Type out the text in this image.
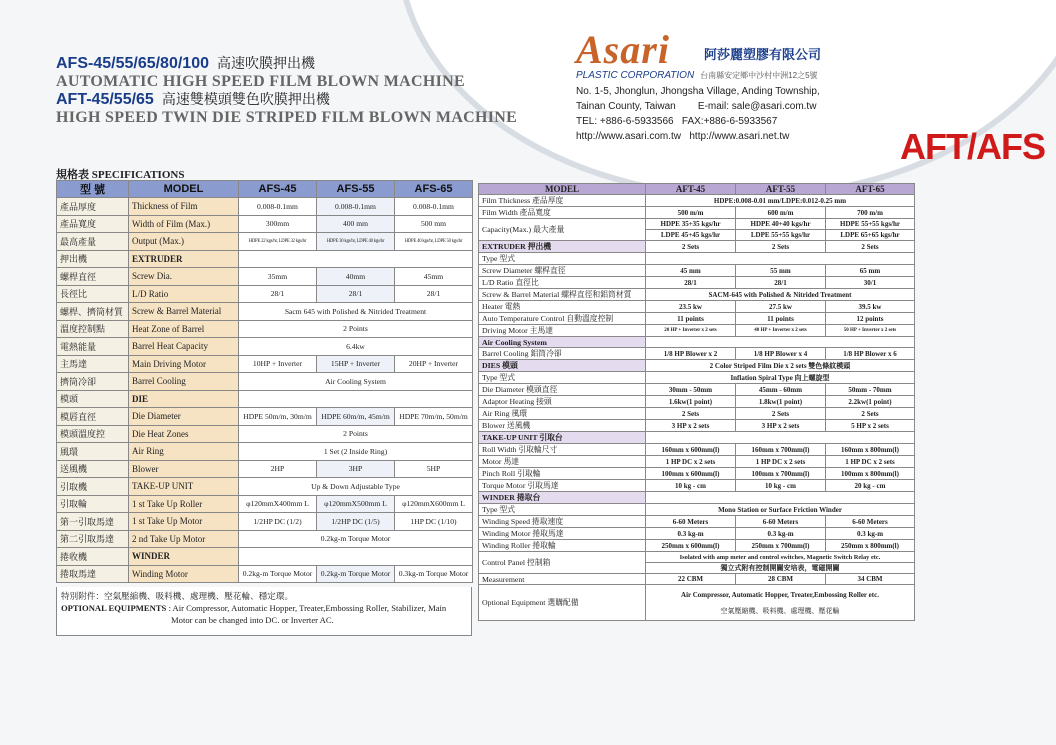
AFS-45/55/65/80/100 高速吹膜押出機
AUTOMATIC HIGH SPEED FILM BLOWN MACHINE
AFT-45/55/65 高速雙模頭雙色吹膜押出機
HIGH SPEED TWIN DIE STRIPED FILM BLOWN MACHINE
Asari	阿莎麗塑膠有限公司
PLASTIC CORPORATION 台南縣安定鄉中沙村中洲12之5號
No. 1-5, Jhonglun, Jhongsha Village, Anding Township,
Tainan County, Taiwan        E-mail: sale@asari.com.tw
TEL: +886-6-5933566   FAX:+886-6-5933567
http://www.asari.com.tw   http://www.asari.net.tw	AFT/AFS
規格表 SPECIFICATIONS
型 號	MODEL	AFS-45	AFS-55	AFS-65
產品厚度	Thickness of Film	0.008-0.1mm	0.008-0.1mm	0.008-0.1mm
產品寬度	Width of Film (Max.)	300mm	400 mm	500 mm
最高產量	Output (Max.)	HDPE 22 kgs/hr, LDPE 32 kgs/hr	HDPE 30 kgs/hr, LDPE 40 kgs/hr	HDPE 40 kgs/hr, LDPE 50 kgs/hr
押出機	EXTRUDER			
螺桿直徑	Screw Dia.	35mm	40mm	45mm
長徑比	L/D Ratio	28/1	28/1	28/1
螺桿、擠筒材質	Screw & Barrel Material	Sacm 645 with Polished & Nitrided Treatment		
溫度控制點	Heat Zone of Barrel	2 Points		
電熱能量	Barrel Heat Capacity	6.4kw		
主馬達	Main Driving Motor	10HP + Inverter	15HP + Inverter	20HP + Inverter
擠筒冷卻	Barrel Cooling	Air Cooling System		
模頭	DIE			
模唇直徑	Die Diameter	HDPE 50m/m, 30m/m	HDPE 60m/m, 45m/m	HDPE 70m/m, 50m/m
模頭溫度控	Die Heat Zones	2 Points		
風環	Air Ring	1 Set (2 Inside Ring)		
送風機	Blower	2HP	3HP	5HP
引取機	TAKE-UP UNIT	Up & Down Adjustable Type		
引取輪	1 st Take Up Roller	φ120mmX400mm L	φ120mmX500mm L	φ120mmX600mm L
第一引取馬達	1 st Take Up Motor	1/2HP DC (1/2)	1/2HP DC (1/5)	1HP DC (1/10)
第二引取馬達	2 nd Take Up Motor	0.2kg-m Torque Motor		
捲收機	WINDER			
捲取馬達	Winding Motor	0.2kg-m Torque Motor	0.2kg-m Torque Motor	0.3kg-m Torque Motor
特別附件：空氣壓縮機、吸料機、處理機、壓花輪、穩定環。
OPTIONAL EQUIPMENTS : Air Compressor, Automatic Hopper, Treater,Embossing Roller, Stabilizer, Main
Motor can be changed into DC. or Inverter AC.
MODEL	AFT-45	AFT-55	AFT-65
Film Thickness 產品厚度	HDPE:0.008-0.01 mm/LDPE:0.012-0.25 mm		
Film Width 產品寬度	500 m/m	600 m/m	700 m/m
Capacity(Max.) 最大產量	HDPE 35+35 kgs/hr	HDPE 40+40 kgs/hr	HDPE 55+55 kgs/hr
	LDPE 45+45 kgs/hr	LDPE 55+55 kgs/hr	LDPE 65+65 kgs/hr
EXTRUDER 押出機	2 Sets	2 Sets	2 Sets
Type 型式			
Screw Diameter 螺桿直徑	45 mm	55 mm	65 mm
L/D Ratio 直徑比	28/1	28/1	30/1
Screw & Barrel Material 螺桿直徑和鋁筒材質	SACM-645 with Polished & Nitrided Treatment		
Heater 電熱	23.5 kw	27.5 kw	39.5 kw
Auto Temperature Control 自動溫度控制	11 points	11 points	12 points
Driving Motor 主馬達	20 HP + Inverter x 2 sets	40 HP + Inverter x 2 sets	50 HP + Inverter x 2 sets
Air Cooling System			
Barrel Cooling 鋁筒冷卻	1/8 HP Blower x 2	1/8 HP Blower x 4	1/8 HP Blower x 6
DIES 模頭	2 Color Striped Film Die x 2 sets 雙色條紋模頭		
Type 型式	Inflation Spiral Type 向上螺旋型		
Die Diameter 模頭直徑	30mm - 50mm	45mm - 60mm	50mm - 70mm
Adaptor Heating 接頭	1.6kw(1 point)	1.8kw(1 point)	2.2kw(1 point)
Air Ring 風環	2 Sets	2 Sets	2 Sets
Blower 送風機	3 HP x 2 sets	3 HP x 2 sets	5 HP x 2 sets
TAKE-UP UNIT 引取台			
Roll Width 引取輪尺寸	160mm x 600mm(l)	160mm x 700mm(l)	160mm x 800mm(l)
Motor 馬達	1 HP DC x 2 sets	1 HP DC x 2 sets	1 HP DC x 2 sets
Pinch Roll 引取輪	100mm x 600mm(l)	100mm x 700mm(l)	100mm x 800mm(l)
Torque Motor 引取馬達	10 kg - cm	10 kg - cm	20 kg - cm
WINDER 捲取台			
Type 型式	Mono Station or Surface Friction Winder		
Winding Speed 捲取速度	6-60 Meters	6-60 Meters	6-60 Meters
Winding Motor 捲取馬達	0.3 kg-m	0.3 kg-m	0.3 kg-m
Winding Roller 捲取輪	250mm x 600mm(l)	250mm x 700mm(l)	250mm x 800mm(l)
Control Panel 控制箱	Isolated with amp meter and control switches, Magnetic Switch Relay etc.		
	獨立式附有控制開關安培表，電磁開關		
Measurement	22 CBM	28 CBM	34 CBM
Optional Equipment 選購配備	Air Compressor, Automatic Hopper, Treater,Embossing Roller etc.
空氣壓縮機、吸料機、處理機、壓花輪		
